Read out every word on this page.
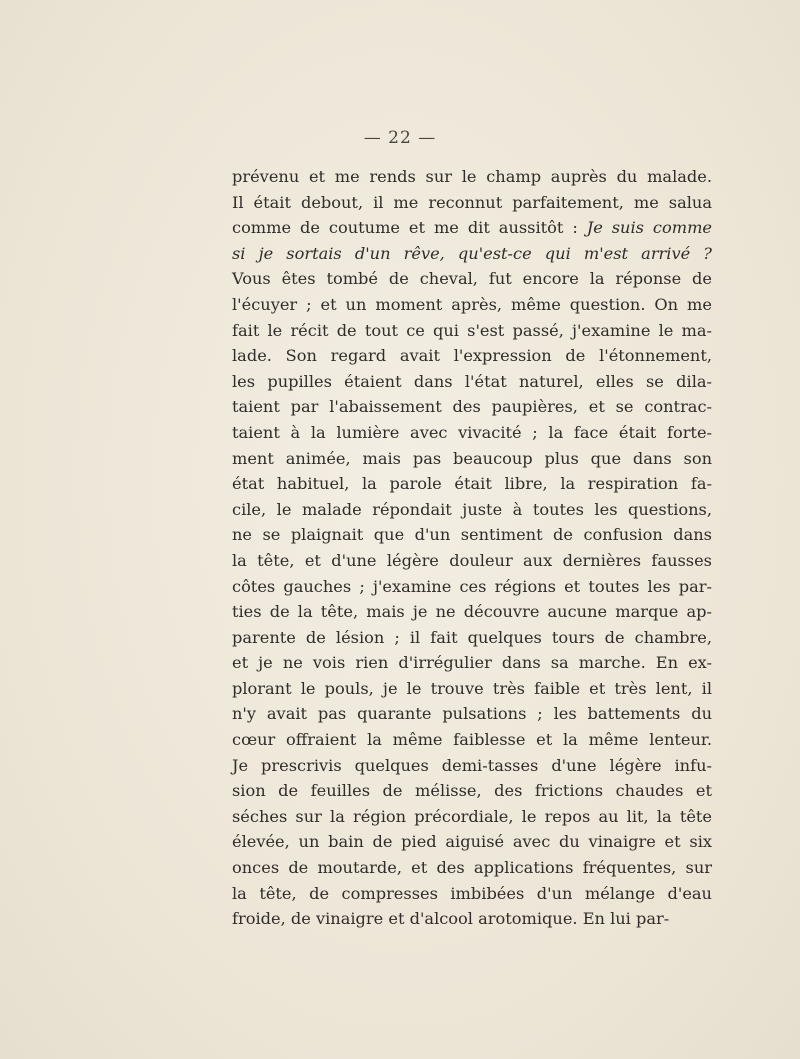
— 22 —
prévenu et me rends sur le champ auprès du malade.
Il était debout, il me reconnut parfaitement, me salua
comme de coutume et me dit aussitôt : Je suis comme
si je sortais d'un rêve, qu'est-ce qui m'est arrivé ?
Vous êtes tombé de cheval, fut encore la réponse de
l'écuyer ; et un moment après, même question. On me
fait le récit de tout ce qui s'est passé, j'examine le ma-
lade. Son regard avait l'expression de l'étonnement,
les pupilles étaient dans l'état naturel, elles se dila-
taient par l'abaissement des paupières, et se contrac-
taient à la lumière avec vivacité ; la face était forte-
ment animée, mais pas beaucoup plus que dans son
état habituel, la parole était libre, la respiration fa-
cile, le malade répondait juste à toutes les questions,
ne se plaignait que d'un sentiment de confusion dans
la tête, et d'une légère douleur aux dernières fausses
côtes gauches ; j'examine ces régions et toutes les par-
ties de la tête, mais je ne découvre aucune marque ap-
parente de lésion ; il fait quelques tours de chambre,
et je ne vois rien d'irrégulier dans sa marche. En ex-
plorant le pouls, je le trouve très faible et très lent, il
n'y avait pas quarante pulsations ; les battements du
cœur offraient la même faiblesse et la même lenteur.
Je prescrivis quelques demi-tasses d'une légère infu-
sion de feuilles de mélisse, des frictions chaudes et
séches sur la région précordiale, le repos au lit, la tête
élevée, un bain de pied aiguisé avec du vinaigre et six
onces de moutarde, et des applications fréquentes, sur
la tête, de compresses imbibées d'un mélange d'eau
froide, de vinaigre et d'alcool arotomique. En lui par-
